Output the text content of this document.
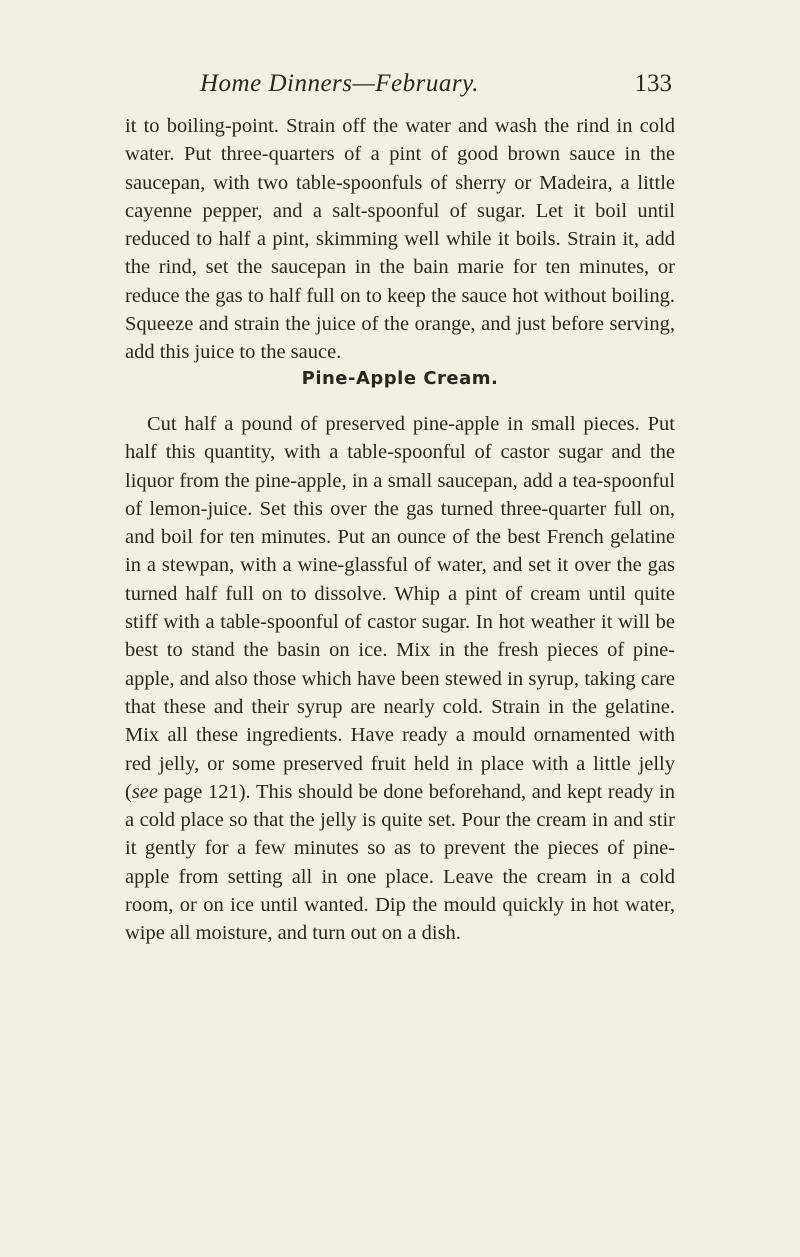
Home Dinners—February.	133

it to boiling-point. Strain off the water and wash the rind in cold water. Put three-quarters of a pint of good brown sauce in the saucepan, with two table-spoonfuls of sherry or Madeira, a little cayenne pepper, and a salt-spoonful of sugar. Let it boil until reduced to half a pint, skimming well while it boils. Strain it, add the rind, set the saucepan in the bain marie for ten minutes, or reduce the gas to half full on to keep the sauce hot without boiling. Squeeze and strain the juice of the orange, and just before serving, add this juice to the sauce.

Pine-Apple Cream.

Cut half a pound of preserved pine-apple in small pieces. Put half this quantity, with a table-spoonful of castor sugar and the liquor from the pine-apple, in a small saucepan, add a tea-spoonful of lemon-juice. Set this over the gas turned three-quarter full on, and boil for ten minutes. Put an ounce of the best French gelatine in a stewpan, with a wine-glassful of water, and set it over the gas turned half full on to dissolve. Whip a pint of cream until quite stiff with a table-spoonful of castor sugar. In hot weather it will be best to stand the basin on ice. Mix in the fresh pieces of pine-apple, and also those which have been stewed in syrup, taking care that these and their syrup are nearly cold. Strain in the gelatine. Mix all these ingredients. Have ready a mould ornamented with red jelly, or some preserved fruit held in place with a little jelly (see page 121). This should be done beforehand, and kept ready in a cold place so that the jelly is quite set. Pour the cream in and stir it gently for a few minutes so as to prevent the pieces of pine-apple from setting all in one place. Leave the cream in a cold room, or on ice until wanted. Dip the mould quickly in hot water, wipe all moisture, and turn out on a dish.
